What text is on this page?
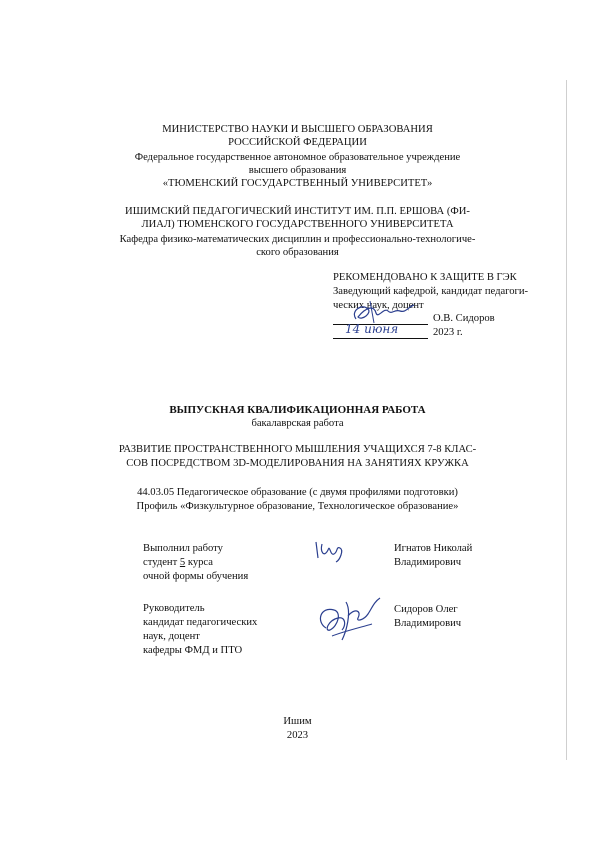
МИНИСТЕРСТВО НАУКИ И ВЫСШЕГО ОБРАЗОВАНИЯ
РОССИЙСКОЙ ФЕДЕРАЦИИ
Федеральное государственное автономное образовательное учреждение
высшего образования
«ТЮМЕНСКИЙ ГОСУДАРСТВЕННЫЙ УНИВЕРСИТЕТ»
ИШИМСКИЙ ПЕДАГОГИЧЕСКИЙ ИНСТИТУТ ИМ. П.П. ЕРШОВА (ФИ-
ЛИАЛ) ТЮМЕНСКОГО ГОСУДАРСТВЕННОГО УНИВЕРСИТЕТА
Кафедра физико-математических дисциплин и профессионально-технологиче-
ского образования
РЕКОМЕНДОВАНО К ЗАЩИТЕ В ГЭК
Заведующий кафедрой, кандидат педагоги-
ческих наук, доцент
О.В. Сидоров
14 июня	2023 г.
ВЫПУСКНАЯ КВАЛИФИКАЦИОННАЯ РАБОТА
бакалаврская работа
РАЗВИТИЕ ПРОСТРАНСТВЕННОГО МЫШЛЕНИЯ УЧАЩИХСЯ 7-8 КЛАС-
СОВ ПОСРЕДСТВОМ 3D-МОДЕЛИРОВАНИЯ НА ЗАНЯТИЯХ КРУЖКА
44.03.05 Педагогическое образование (с двумя профилями подготовки)
Профиль «Физкультурное образование, Технологическое образование»
Выполнил работу
студент 5 курса
очной формы обучения
Игнатов Николай
Владимирович
Руководитель
кандидат педагогических
наук, доцент
кафедры ФМД и ПТО
Сидоров Олег
Владимирович
Ишим
2023
